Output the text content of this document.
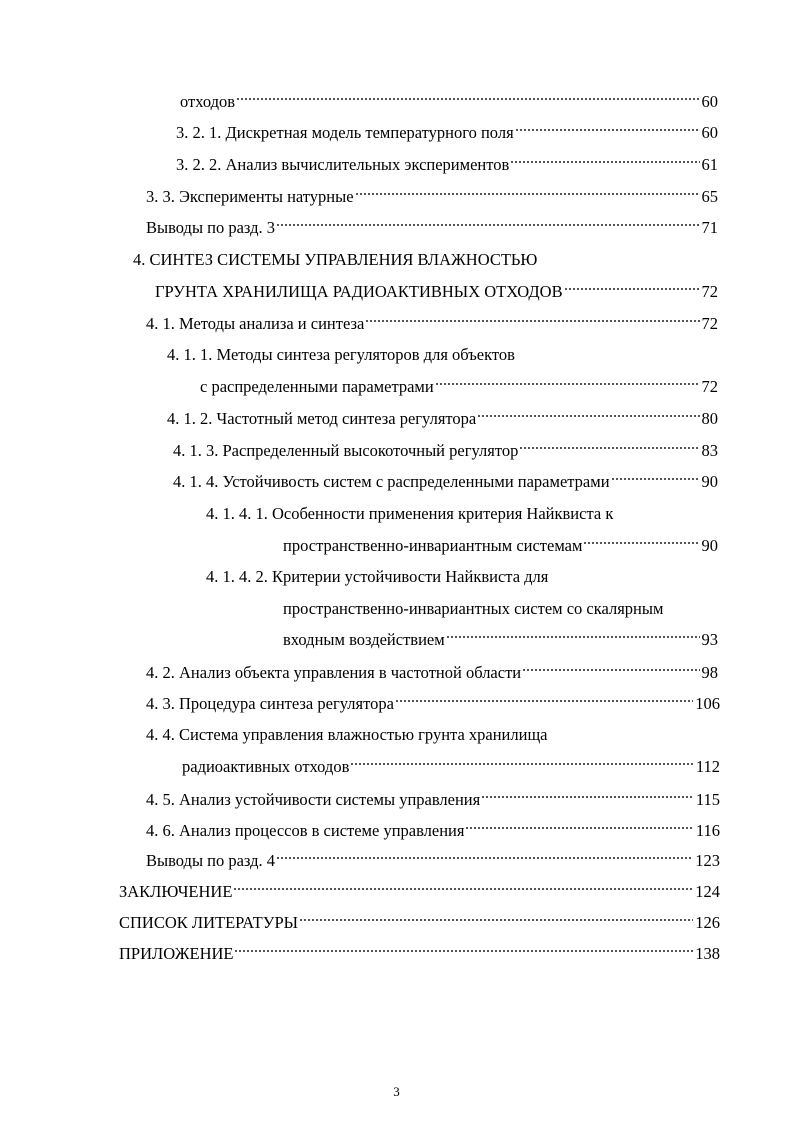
отходов	60
3. 2. 1. Дискретная модель температурного поля	60
3. 2. 2. Анализ вычислительных экспериментов	61
3. 3. Эксперименты натурные	65
Выводы по разд. 3	71
4. СИНТЕЗ СИСТЕМЫ УПРАВЛЕНИЯ ВЛАЖНОСТЬЮ
ГРУНТА ХРАНИЛИЩА РАДИОАКТИВНЫХ ОТХОДОВ	72
4. 1. Методы анализа и синтеза	72
4. 1. 1. Методы синтеза регуляторов для объектов
с распределенными параметрами	72
4. 1. 2. Частотный метод синтеза регулятора	80
4. 1. 3. Распределенный высокоточный регулятор	83
4. 1. 4. Устойчивость систем с распределенными параметрами	90
4. 1. 4. 1. Особенности применения критерия Найквиста к
пространственно-инвариантным системам	90
4. 1. 4. 2. Критерии устойчивости Найквиста для
пространственно-инвариантных систем со скалярным
входным воздействием	93
4. 2. Анализ объекта управления в частотной области	98
4. 3. Процедура синтеза регулятора	106
4. 4. Система управления влажностью грунта хранилища
радиоактивных отходов	112
4. 5. Анализ устойчивости системы управления	115
4. 6. Анализ процессов в системе управления	116
Выводы по разд. 4	123
ЗАКЛЮЧЕНИЕ	124
СПИСОК ЛИТЕРАТУРЫ	126
ПРИЛОЖЕНИЕ	138
3
